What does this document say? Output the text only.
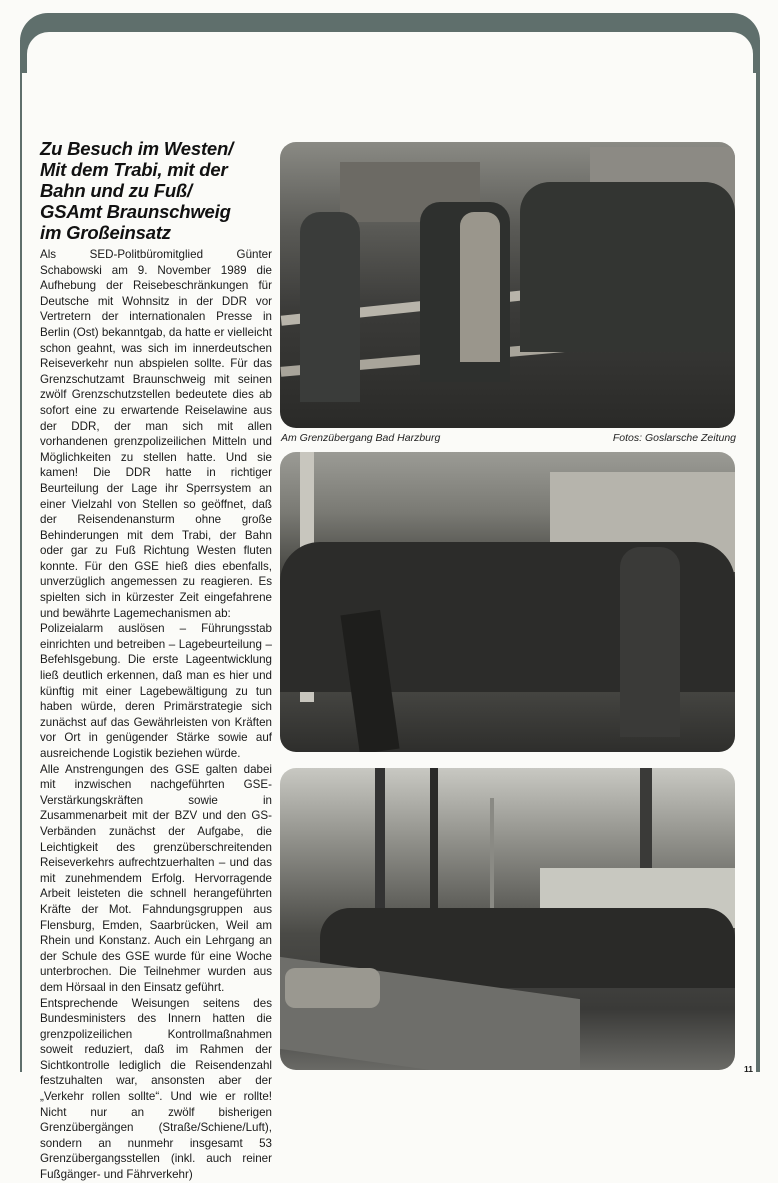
Zu Besuch im Westen/
Mit dem Trabi, mit der
Bahn und zu Fuß/
GSAmt Braunschweig
im Großeinsatz

Als SED-Politbüromitglied Günter Schabowski am 9. November 1989 die Aufhebung der Reisebeschränkungen für Deutsche mit Wohnsitz in der DDR vor Vertretern der internationalen Presse in Berlin (Ost) bekanntgab, da hatte er vielleicht schon geahnt, was sich im innerdeutschen Reiseverkehr nun abspielen sollte. Für das Grenzschutzamt Braunschweig mit seinen zwölf Grenzschutzstellen bedeutete dies ab sofort eine zu erwartende Reiselawine aus der DDR, der man sich mit allen vorhandenen grenzpolizeilichen Mitteln und Möglichkeiten zu stellen hatte. Und sie kamen! Die DDR hatte in richtiger Beurteilung der Lage ihr Sperrsystem an einer Vielzahl von Stellen so geöffnet, daß der Reisendenansturm ohne große Behinderungen mit dem Trabi, der Bahn oder gar zu Fuß Richtung Westen fluten konnte. Für den GSE hieß dies ebenfalls, unverzüglich angemessen zu reagieren. Es spielten sich in kürzester Zeit eingefahrene und bewährte Lagemechanismen ab:

Polizeialarm auslösen – Führungsstab einrichten und betreiben – Lagebeurteilung – Befehlsgebung. Die erste Lageentwicklung ließ deutlich erkennen, daß man es hier und künftig mit einer Lagebewältigung zu tun haben würde, deren Primärstrategie sich zunächst auf das Gewährleisten von Kräften vor Ort in genügender Stärke sowie auf ausreichende Logistik beziehen würde.

Alle Anstrengungen des GSE galten dabei mit inzwischen nachgeführten GSE-Verstärkungskräften sowie in Zusammenarbeit mit der BZV und den GS-Verbänden zunächst der Aufgabe, die Leichtigkeit des grenzüberschreitenden Reiseverkehrs aufrechtzuerhalten – und das mit zunehmendem Erfolg. Hervorragende Arbeit leisteten die schnell herangeführten Kräfte der Mot. Fahndungsgruppen aus Flensburg, Emden, Saarbrücken, Weil am Rhein und Konstanz. Auch ein Lehrgang an der Schule des GSE wurde für eine Woche unterbrochen. Die Teilnehmer wurden aus dem Hörsaal in den Einsatz geführt.

Entsprechende Weisungen seitens des Bundesministers des Innern hatten die grenzpolizeilichen Kontrollmaßnahmen soweit reduziert, daß im Rahmen der Sichtkontrolle lediglich die Reisendenzahl festzuhalten war, ansonsten aber der „Verkehr rollen sollte“. Und wie er rollte! Nicht nur an zwölf bisherigen Grenzübergängen (Straße/Schiene/Luft), sondern an nunmehr insgesamt 53 Grenzübergangsstellen (inkl. auch reiner Fußgänger- und Fährverkehr)

Am Grenzübergang Bad Harzburg	Fotos: Goslarsche Zeitung
11
